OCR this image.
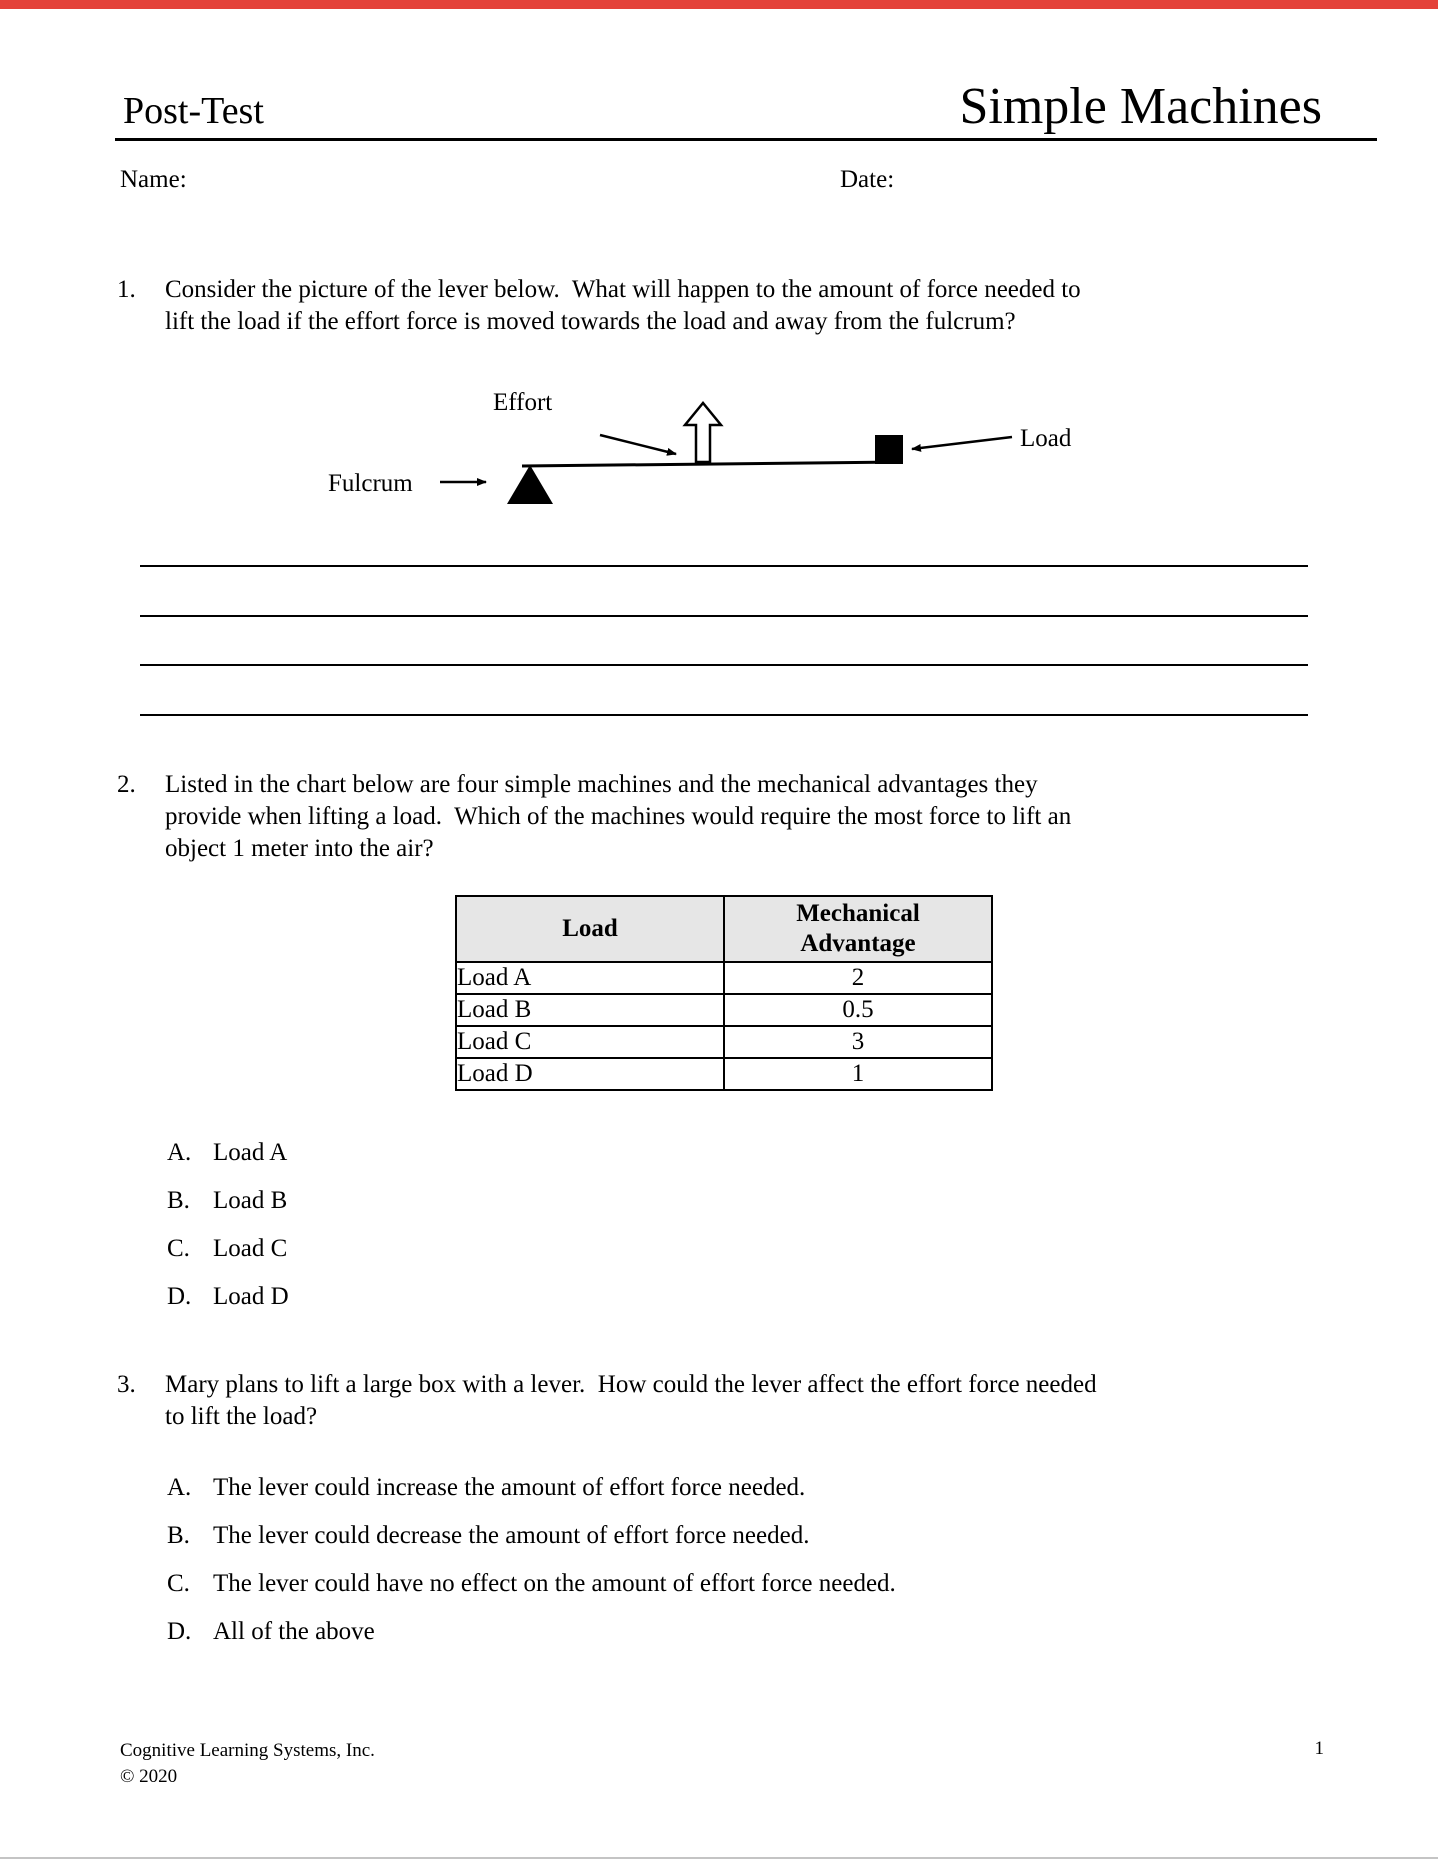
Post-Test	Simple Machines
Name:	Date:
1.	Consider the picture of the lever below.  What will happen to the amount of force needed to lift the load if the effort force is moved towards the load and away from the fulcrum?
Effort
Fulcrum
Load
2.	Listed in the chart below are four simple machines and the mechanical advantages they provide when lifting a load.  Which of the machines would require the most force to lift an object 1 meter into the air?
Load	Mechanical Advantage

Load A	2
Load B	0.5
Load C	3
Load D	1
A. Load A
B. Load B
C. Load C
D. Load D
3.	Mary plans to lift a large box with a lever.  How could the lever affect the effort force needed to lift the load?
A. The lever could increase the amount of effort force needed.
B. The lever could decrease the amount of effort force needed.
C. The lever could have no effect on the amount of effort force needed.
D. All of the above
Cognitive Learning Systems, Inc.
© 2020
1
